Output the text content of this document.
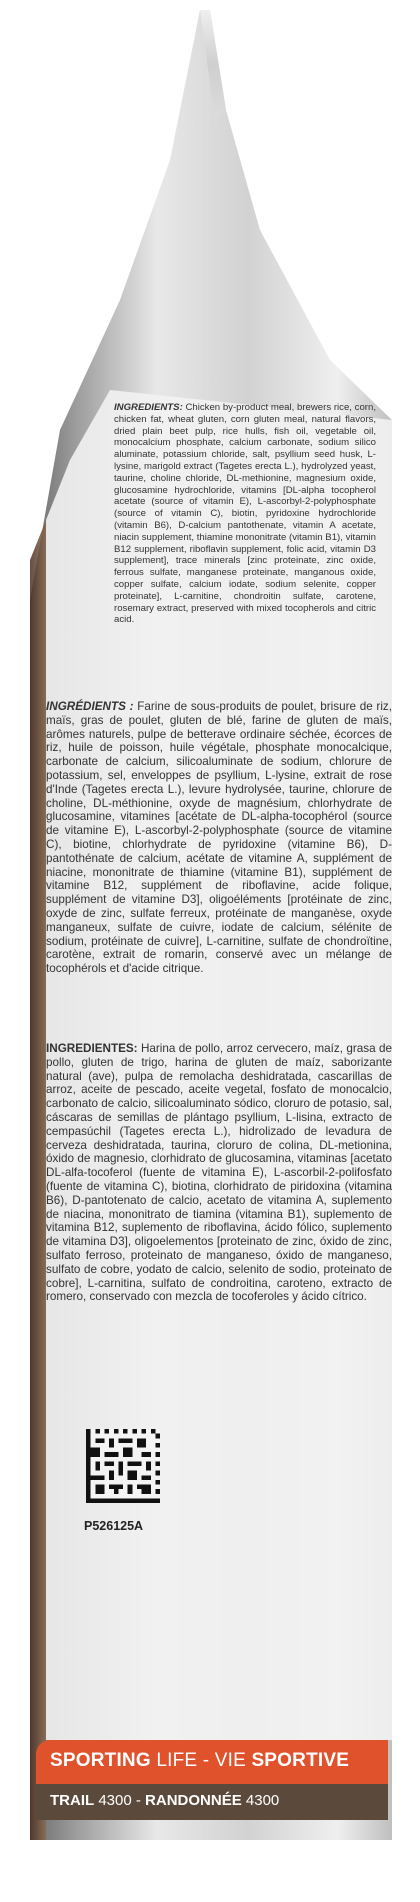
INGREDIENTS: Chicken by-product meal, brewers rice, corn, chicken fat, wheat gluten, corn gluten meal, natural flavors, dried plain beet pulp, rice hulls, fish oil, vegetable oil, monocalcium phosphate, calcium carbonate, sodium silico aluminate, potassium chloride, salt, psyllium seed husk, L-lysine, marigold extract (Tagetes erecta L.), hydrolyzed yeast, taurine, choline chloride, DL-methionine, magnesium oxide, glucosamine hydrochloride, vitamins [DL-alpha tocopherol acetate (source of vitamin E), L-ascorbyl-2-polyphosphate (source of vitamin C), biotin, pyridoxine hydrochloride (vitamin B6), D-calcium pantothenate, vitamin A acetate, niacin supplement, thiamine mononitrate (vitamin B1), vitamin B12 supplement, riboflavin supplement, folic acid, vitamin D3 supplement], trace minerals [zinc proteinate, zinc oxide, ferrous sulfate, manganese proteinate, manganous oxide, copper sulfate, calcium iodate, sodium selenite, copper proteinate], L-carnitine, chondroitin sulfate, carotene, rosemary extract, preserved with mixed tocopherols and citric acid.
INGRÉDIENTS : Farine de sous-produits de poulet, brisure de riz, maïs, gras de poulet, gluten de blé, farine de gluten de maïs, arômes naturels, pulpe de betterave ordinaire séchée, écorces de riz, huile de poisson, huile végétale, phosphate monocalcique, carbonate de calcium, silicoaluminate de sodium, chlorure de potassium, sel, enveloppes de psyllium, L-lysine, extrait de rose d'Inde (Tagetes erecta L.), levure hydrolysée, taurine, chlorure de choline, DL-méthionine, oxyde de magnésium, chlorhydrate de glucosamine, vitamines [acétate de DL-alpha-tocophérol (source de vitamine E), L-ascorbyl-2-polyphosphate (source de vitamine C), biotine, chlorhydrate de pyridoxine (vitamine B6), D-pantothénate de calcium, acétate de vitamine A, supplément de niacine, mononitrate de thiamine (vitamine B1), supplément de vitamine B12, supplément de riboflavine, acide folique, supplément de vitamine D3], oligoéléments [protéinate de zinc, oxyde de zinc, sulfate ferreux, protéinate de manganèse, oxyde manganeux, sulfate de cuivre, iodate de calcium, sélénite de sodium, protéinate de cuivre], L-carnitine, sulfate de chondroïtine, carotène, extrait de romarin, conservé avec un mélange de tocophérols et d'acide citrique.
INGREDIENTES: Harina de pollo, arroz cervecero, maíz, grasa de pollo, gluten de trigo, harina de gluten de maíz, saborizante natural (ave), pulpa de remolacha deshidratada, cascarillas de arroz, aceite de pescado, aceite vegetal, fosfato de monocalcio, carbonato de calcio, silicoaluminato sódico, cloruro de potasio, sal, cáscaras de semillas de plántago psyllium, L-lisina, extracto de cempasúchil (Tagetes erecta L.), hidrolizado de levadura de cerveza deshidratada, taurina, cloruro de colina, DL-metionina, óxido de magnesio, clorhidrato de glucosamina, vitaminas [acetato DL-alfa-tocoferol (fuente de vitamina E), L-ascorbil-2-polifosfato (fuente de vitamina C), biotina, clorhidrato de piridoxina (vitamina B6), D-pantotenato de calcio, acetato de vitamina A, suplemento de niacina, mononitrato de tiamina (vitamina B1), suplemento de vitamina B12, suplemento de riboflavina, ácido fólico, suplemento de vitamina D3], oligoelementos [proteinato de zinc, óxido de zinc, sulfato ferroso, proteinato de manganeso, óxido de manganeso, sulfato de cobre, yodato de calcio, selenito de sodio, proteinato de cobre], L-carnitina, sulfato de condroitina, caroteno, extracto de romero, conservado con mezcla de tocoferoles y ácido cítrico.
P526125A
SPORTING LIFE - VIE SPORTIVE
TRAIL 4300 - RANDONNÉE 4300
